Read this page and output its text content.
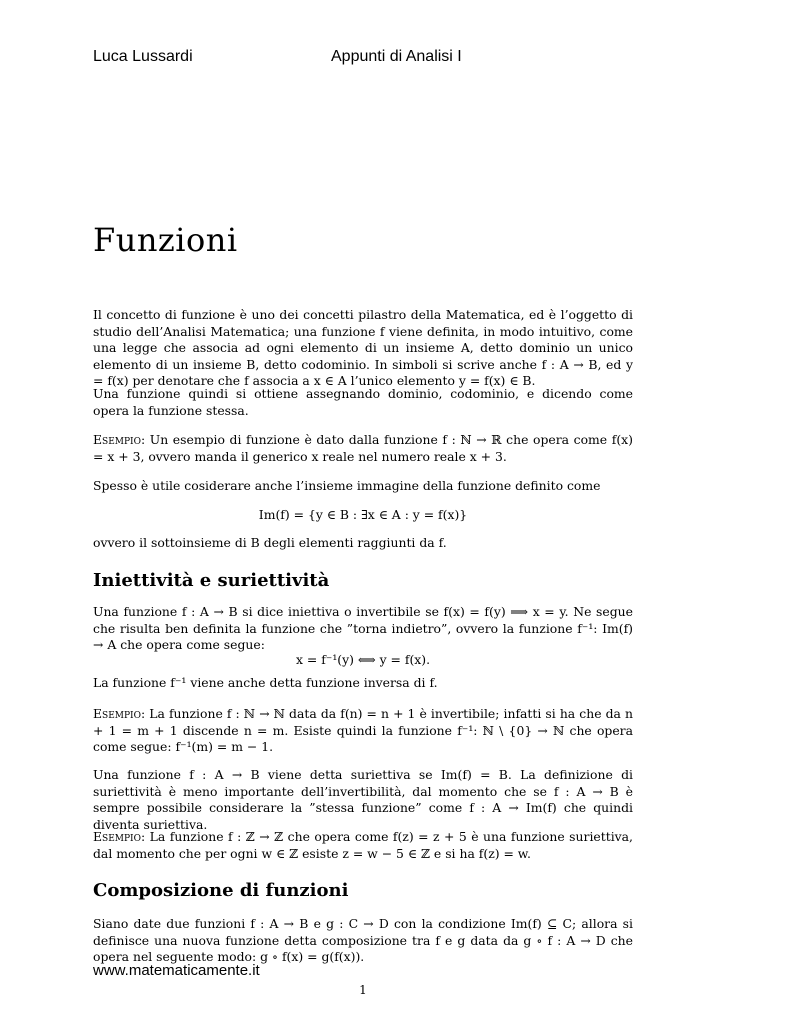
Luca Lussardi	Appunti di Analisi I
Funzioni

Il concetto di funzione è uno dei concetti pilastro della Matematica, ed è l’oggetto di studio dell’Analisi Matematica; una funzione f viene definita, in modo intuitivo, come una legge che associa ad ogni elemento di un insieme A, detto dominio un unico elemento di un insieme B, detto codominio. In simboli si scrive anche f : A → B, ed y = f(x) per denotare che f associa a x ∈ A l’unico elemento y = f(x) ∈ B.

Una funzione quindi si ottiene assegnando dominio, codominio, e dicendo come opera la funzione stessa.

Esempio: Un esempio di funzione è dato dalla funzione f : ℕ → ℝ che opera come f(x) = x + 3, ovvero manda il generico x reale nel numero reale x + 3.

Spesso è utile cosiderare anche l’insieme immagine della funzione definito come

Im(f) = {y ∈ B : ∃x ∈ A : y = f(x)}

ovvero il sottoinsieme di B degli elementi raggiunti da f.

Iniettività e suriettività

Una funzione f : A → B si dice iniettiva o invertibile se f(x) = f(y) ⟹ x = y. Ne segue che risulta ben definita la funzione che ”torna indietro”, ovvero la funzione f⁻¹: Im(f) → A che opera come segue:

x = f⁻¹(y) ⟺ y = f(x).

La funzione f⁻¹ viene anche detta funzione inversa di f.

Esempio: La funzione f : ℕ → ℕ data da f(n) = n + 1 è invertibile; infatti si ha che da n + 1 = m + 1 discende n = m. Esiste quindi la funzione f⁻¹: ℕ \ {0} → ℕ che opera come segue: f⁻¹(m) = m − 1.

Una funzione f : A → B viene detta suriettiva se Im(f) = B. La definizione di suriettività è meno importante dell’invertibilità, dal momento che se f : A → B è sempre possibile considerare la ”stessa funzione” come f : A → Im(f) che quindi diventa suriettiva.

Esempio: La funzione f : ℤ → ℤ che opera come f(z) = z + 5 è una funzione suriettiva, dal momento che per ogni w ∈ ℤ esiste z = w − 5 ∈ ℤ e si ha f(z) = w.

Composizione di funzioni

Siano date due funzioni f : A → B e g : C → D con la condizione Im(f) ⊆ C; allora si definisce una nuova funzione detta composizione tra f e g data da g ∘ f : A → D che opera nel seguente modo: g ∘ f(x) = g(f(x)).

www.matematicamente.it
1
